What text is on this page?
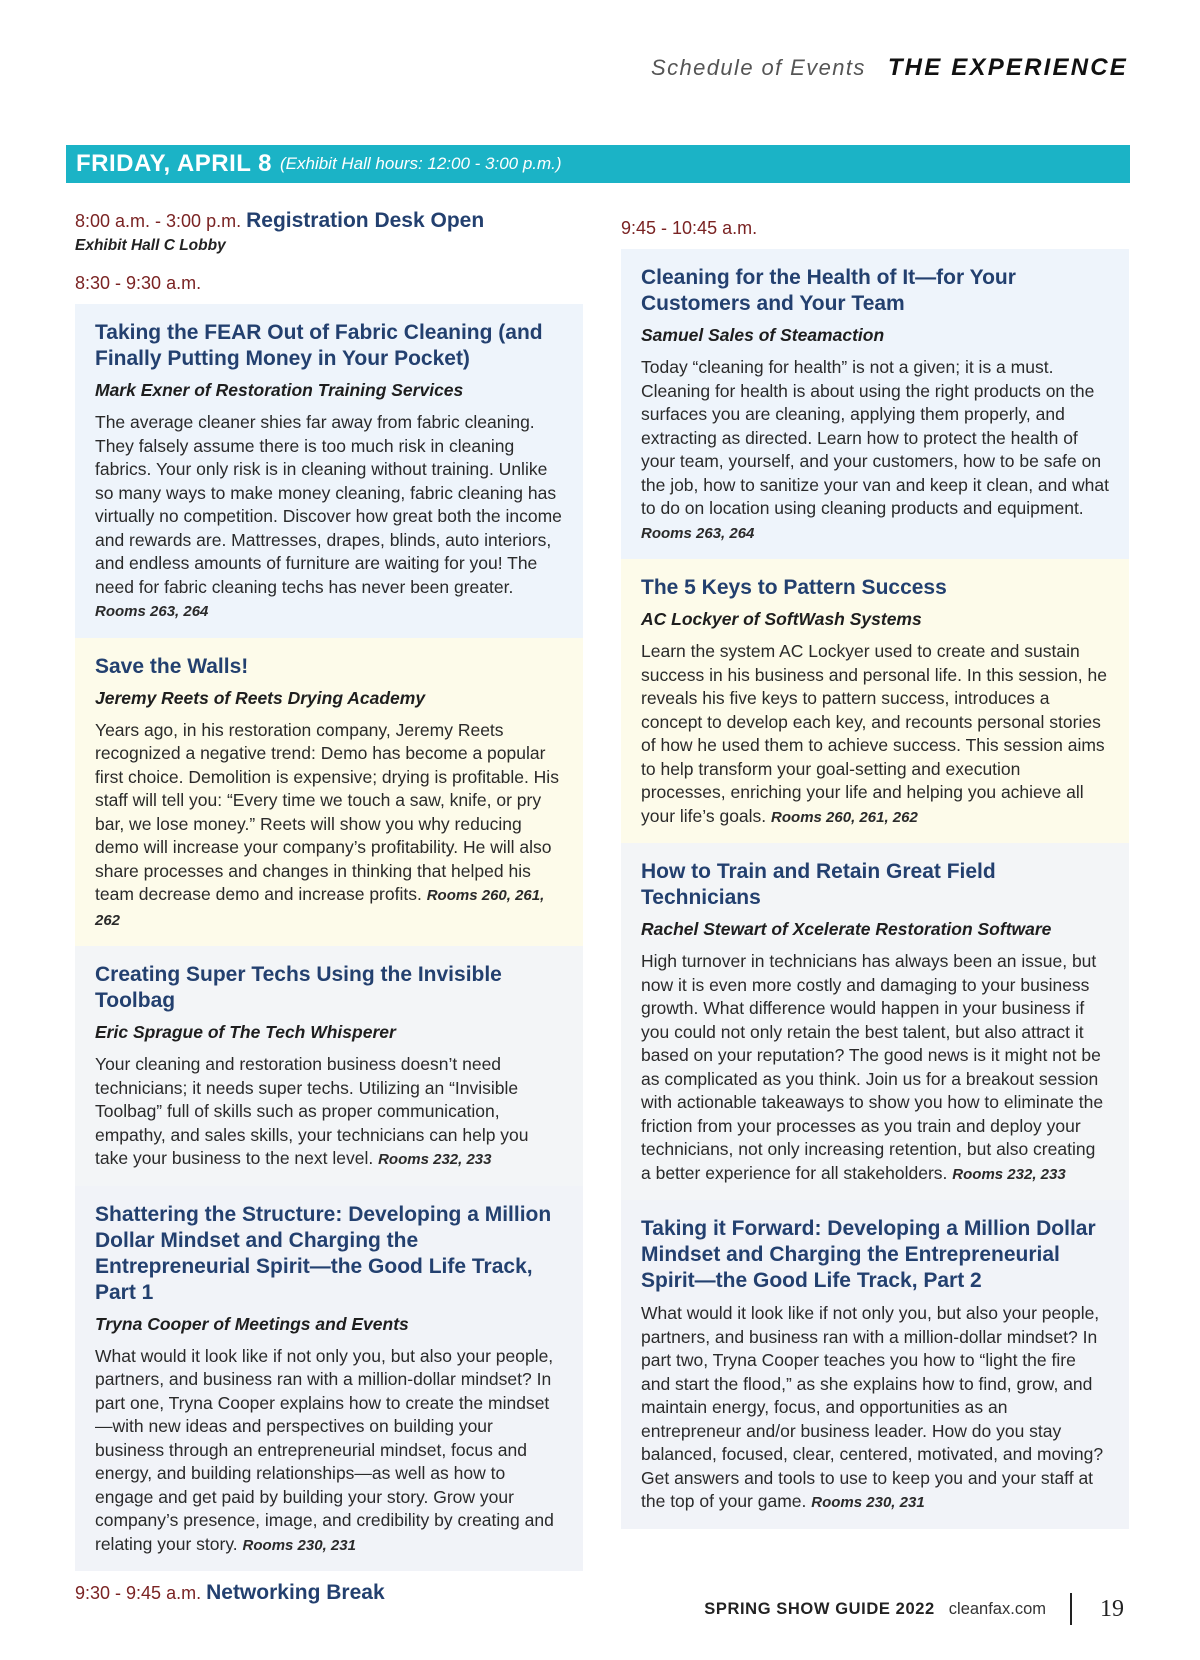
Schedule of Events THE EXPERIENCE
FRIDAY, APRIL 8 (Exhibit Hall hours: 12:00 - 3:00 p.m.)
8:00 a.m. - 3:00 p.m. Registration Desk Open
Exhibit Hall C Lobby
8:30 - 9:30 a.m.
Taking the FEAR Out of Fabric Cleaning (and Finally Putting Money in Your Pocket)
Mark Exner of Restoration Training Services
The average cleaner shies far away from fabric cleaning. They falsely assume there is too much risk in cleaning fabrics. Your only risk is in cleaning without training. Unlike so many ways to make money cleaning, fabric cleaning has virtually no competition. Discover how great both the income and rewards are. Mattresses, drapes, blinds, auto interiors, and endless amounts of furniture are waiting for you! The need for fabric cleaning techs has never been greater. Rooms 263, 264
Save the Walls!
Jeremy Reets of Reets Drying Academy
Years ago, in his restoration company, Jeremy Reets recognized a negative trend: Demo has become a popular first choice. Demolition is expensive; drying is profitable. His staff will tell you: “Every time we touch a saw, knife, or pry bar, we lose money.” Reets will show you why reducing demo will increase your company’s profitability. He will also share processes and changes in thinking that helped his team decrease demo and increase profits. Rooms 260, 261, 262
Creating Super Techs Using the Invisible Toolbag
Eric Sprague of The Tech Whisperer
Your cleaning and restoration business doesn’t need technicians; it needs super techs. Utilizing an “Invisible Toolbag” full of skills such as proper communication, empathy, and sales skills, your technicians can help you take your business to the next level. Rooms 232, 233
Shattering the Structure: Developing a Million Dollar Mindset and Charging the Entrepreneurial Spirit—the Good Life Track, Part 1
Tryna Cooper of Meetings and Events
What would it look like if not only you, but also your people, partners, and business ran with a million-dollar mindset? In part one, Tryna Cooper explains how to create the mindset—with new ideas and perspectives on building your business through an entrepreneurial mindset, focus and energy, and building relationships—as well as how to engage and get paid by building your story. Grow your company’s presence, image, and credibility by creating and relating your story. Rooms 230, 231
9:30 - 9:45 a.m. Networking Break
9:45 - 10:45 a.m.
Cleaning for the Health of It—for Your Customers and Your Team
Samuel Sales of Steamaction
Today “cleaning for health” is not a given; it is a must. Cleaning for health is about using the right products on the surfaces you are cleaning, applying them properly, and extracting as directed. Learn how to protect the health of your team, yourself, and your customers, how to be safe on the job, how to sanitize your van and keep it clean, and what to do on location using cleaning products and equipment. Rooms 263, 264
The 5 Keys to Pattern Success
AC Lockyer of SoftWash Systems
Learn the system AC Lockyer used to create and sustain success in his business and personal life. In this session, he reveals his five keys to pattern success, introduces a concept to develop each key, and recounts personal stories of how he used them to achieve success. This session aims to help transform your goal-setting and execution processes, enriching your life and helping you achieve all your life’s goals. Rooms 260, 261, 262
How to Train and Retain Great Field Technicians
Rachel Stewart of Xcelerate Restoration Software
High turnover in technicians has always been an issue, but now it is even more costly and damaging to your business growth. What difference would happen in your business if you could not only retain the best talent, but also attract it based on your reputation? The good news is it might not be as complicated as you think. Join us for a breakout session with actionable takeaways to show you how to eliminate the friction from your processes as you train and deploy your technicians, not only increasing retention, but also creating a better experience for all stakeholders. Rooms 232, 233
Taking it Forward: Developing a Million Dollar Mindset and Charging the Entrepreneurial Spirit—the Good Life Track, Part 2
What would it look like if not only you, but also your people, partners, and business ran with a million-dollar mindset? In part two, Tryna Cooper teaches you how to “light the fire and start the flood,” as she explains how to find, grow, and maintain energy, focus, and opportunities as an entrepreneur and/or business leader. How do you stay balanced, focused, clear, centered, motivated, and moving? Get answers and tools to use to keep you and your staff at the top of your game. Rooms 230, 231
SPRING SHOW GUIDE 2022 cleanfax.com 19
